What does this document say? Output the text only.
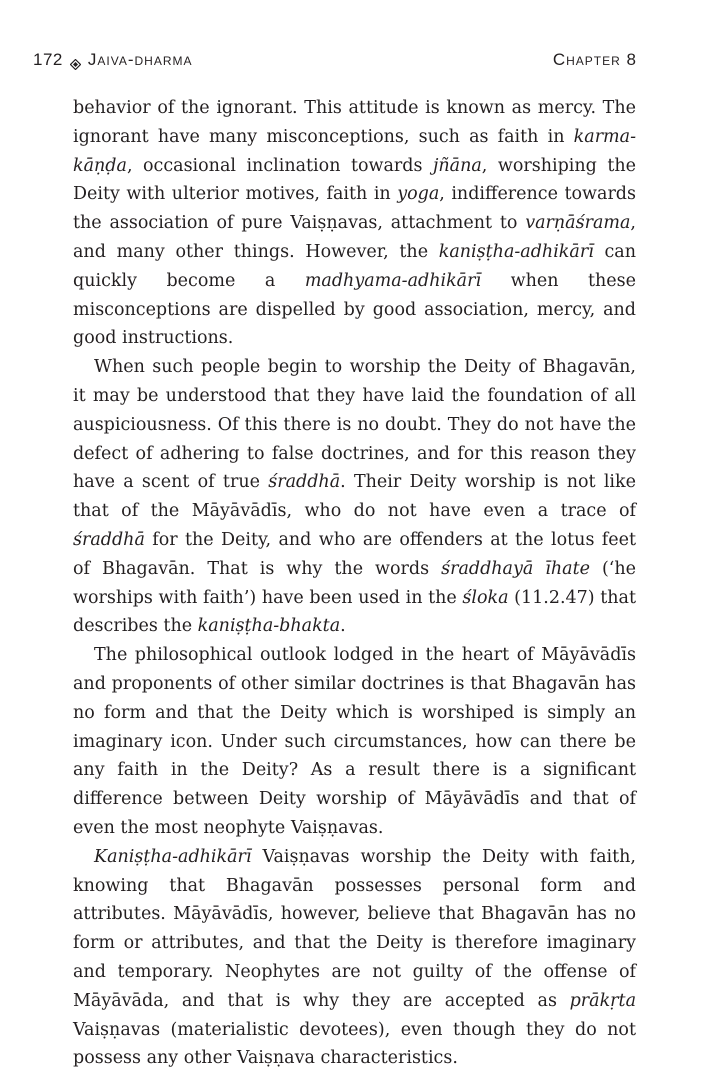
172 Jaiva-dharma	Chapter 8

behavior of the ignorant. This attitude is known as mercy. The ignorant have many misconceptions, such as faith in karma-kāṇḍa, occasional inclination towards jñāna, worshiping the Deity with ulterior motives, faith in yoga, indifference towards the association of pure Vaiṣṇavas, attachment to varṇāśrama, and many other things. However, the kaniṣṭha-adhikārī can quickly become a madhyama-adhikārī when these misconceptions are dispelled by good association, mercy, and good instructions.

When such people begin to worship the Deity of Bhagavān, it may be understood that they have laid the foundation of all auspiciousness. Of this there is no doubt. They do not have the defect of adhering to false doctrines, and for this reason they have a scent of true śraddhā. Their Deity worship is not like that of the Māyāvādīs, who do not have even a trace of śraddhā for the Deity, and who are offenders at the lotus feet of Bhagavān. That is why the words śraddhayā īhate (‘he worships with faith’) have been used in the śloka (11.2.47) that describes the kaniṣṭha-bhakta.

The philosophical outlook lodged in the heart of Māyāvādīs and proponents of other similar doctrines is that Bhagavān has no form and that the Deity which is worshiped is simply an imaginary icon. Under such circumstances, how can there be any faith in the Deity? As a result there is a significant difference between Deity worship of Māyāvādīs and that of even the most neophyte Vaiṣṇavas.

Kaniṣṭha-adhikārī Vaiṣṇavas worship the Deity with faith, knowing that Bhagavān possesses personal form and attributes. Māyāvādīs, however, believe that Bhagavān has no form or attributes, and that the Deity is therefore imaginary and temporary. Neophytes are not guilty of the offense of Māyāvāda, and that is why they are accepted as prākṛta Vaiṣṇavas (materialistic devotees), even though they do not possess any other Vaiṣṇava characteristics.
